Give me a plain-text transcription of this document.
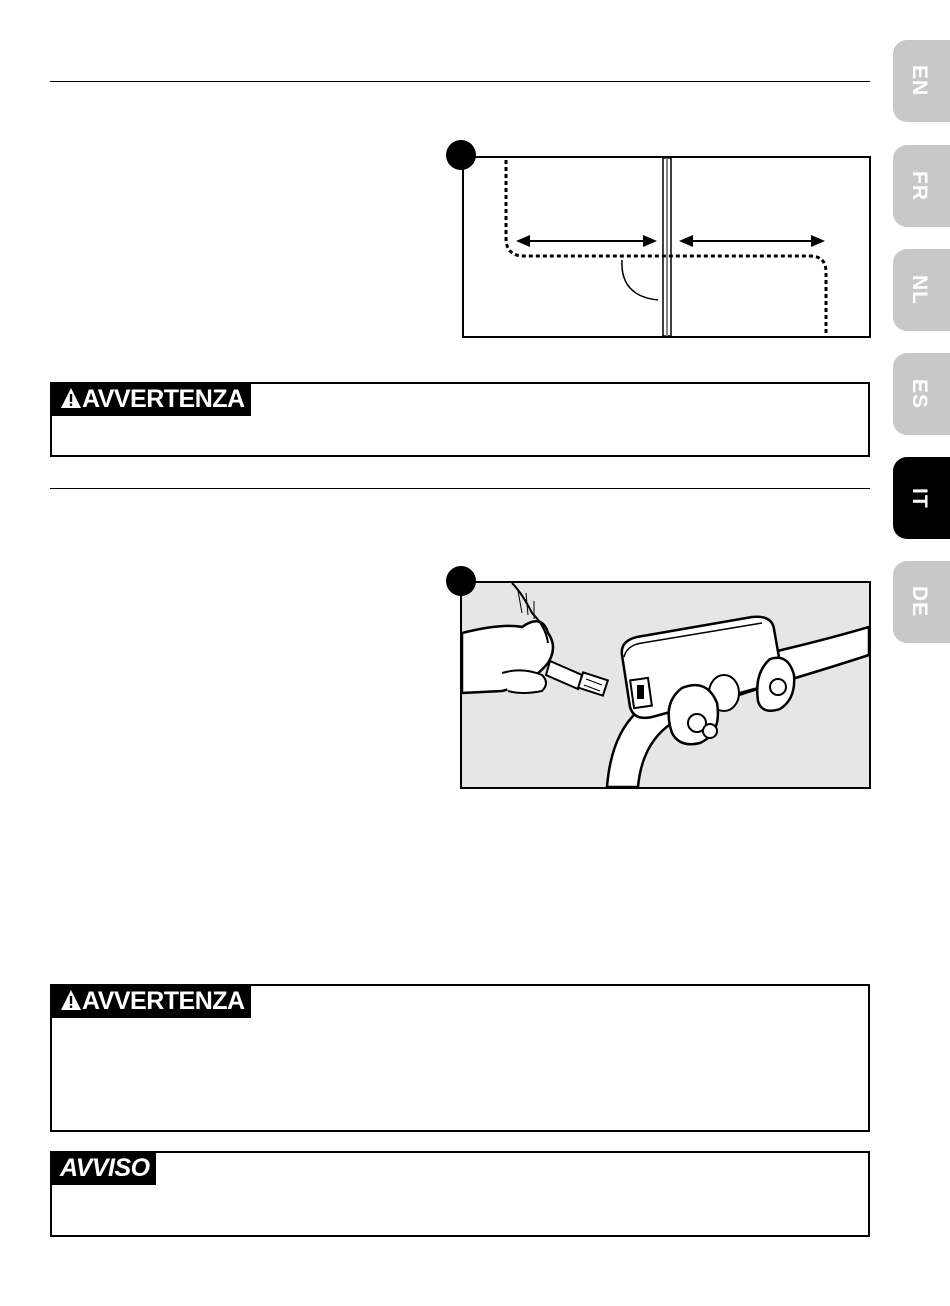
AVVERTENZA
AVVERTENZA
AVVISO
EN
FR
NL
ES
IT
DE
